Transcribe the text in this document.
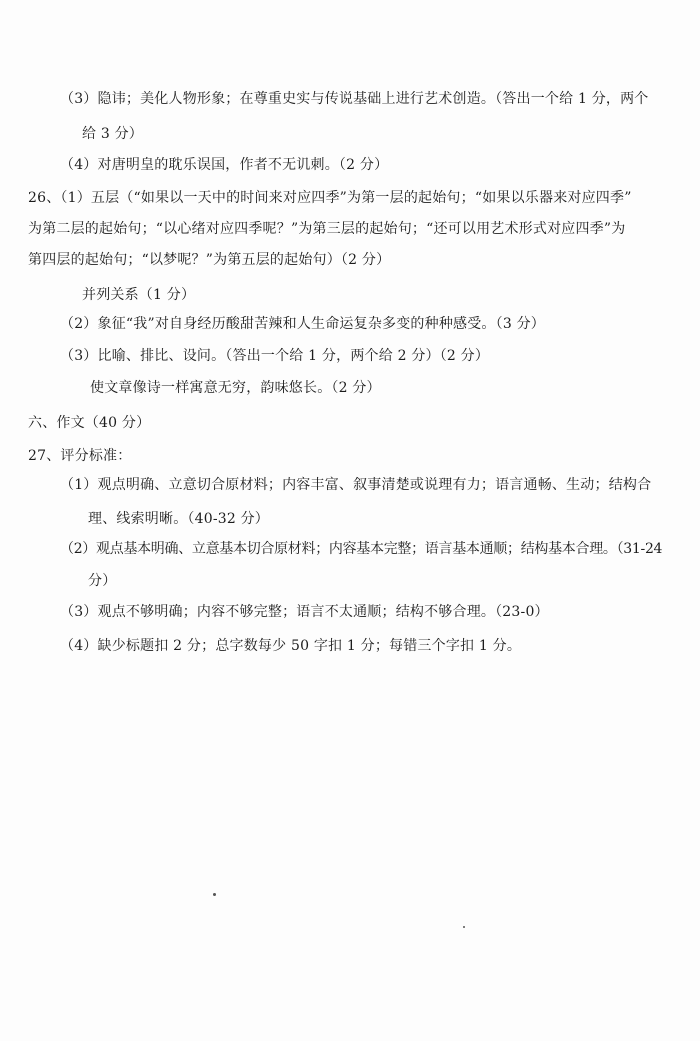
（3）隐讳；美化人物形象；在尊重史实与传说基础上进行艺术创造。（答出一个给 1 分，两个
给 3 分）
（4）对唐明皇的耽乐误国，作者不无讥刺。（2 分）
26、（1）五层（“如果以一天中的时间来对应四季”为第一层的起始句；“如果以乐器来对应四季”
为第二层的起始句；“以心绪对应四季呢？”为第三层的起始句；“还可以用艺术形式对应四季”为
第四层的起始句；“以梦呢？”为第五层的起始句）（2 分）
并列关系（1 分）
（2）象征“我”对自身经历酸甜苦辣和人生命运复杂多变的种种感受。（3 分）
（3）比喻、排比、设问。（答出一个给 1 分，两个给 2 分）（2 分）
使文章像诗一样寓意无穷，韵味悠长。（2 分）
六、作文（40 分）
27、评分标准：
（1）观点明确、立意切合原材料；内容丰富、叙事清楚或说理有力；语言通畅、生动；结构合
理、线索明晰。（40-32 分）
（2）观点基本明确、立意基本切合原材料；内容基本完整；语言基本通顺；结构基本合理。（31-24
分）
（3）观点不够明确；内容不够完整；语言不太通顺；结构不够合理。（23-0）
（4）缺少标题扣 2 分；总字数每少 50 字扣 1 分；每错三个字扣 1 分。
